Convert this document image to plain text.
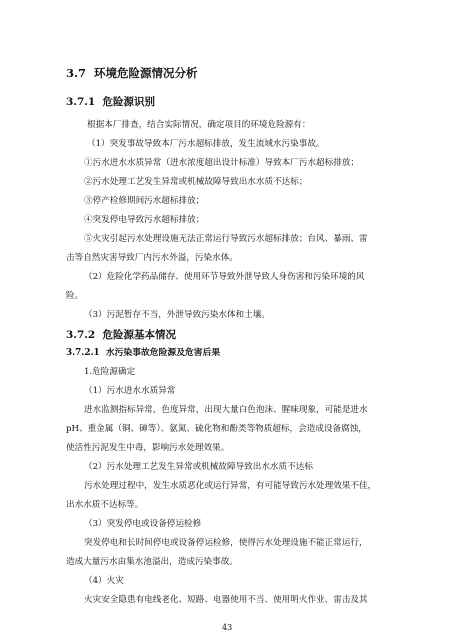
3.7 环境危险源情况分析
3.7.1 危险源识别
根据本厂排查，结合实际情况，确定项目的环境危险源有：
（1）突发事故导致本厂污水超标排放，发生流域水污染事故。
①污水进水水质异常（进水浓度超出设计标准）导致本厂污水超标排放；
②污水处理工艺发生异常或机械故障导致出水水质不达标；
③停产检修期间污水超标排放；
④突发停电导致污水超标排放；
⑤火灾引起污水处理设施无法正常运行导致污水超标排放；台风、暴雨、雷
击等自然灾害导致厂内污水外溢，污染水体。
（2）危险化学药品储存、使用环节导致外泄导致人身伤害和污染环境的风
险。
（3）污泥暂存不当，外泄导致污染水体和土壤。
3.7.2 危险源基本情况
3.7.2.1 水污染事故危险源及危害后果
1.危险源确定
（1）污水进水水质异常
进水监测指标异常，色度异常，出现大量白色泡沫、腥味现象，可能是进水
pH、重金属（铜、砷等）、氨氮、硫化物和酚类等物质超标，会造成设备腐蚀，
使活性污泥发生中毒，影响污水处理效果。
（2）污水处理工艺发生异常或机械故障导致出水水质不达标
污水处理过程中，发生水质恶化或运行异常，有可能导致污水处理效果不佳，
出水水质不达标等。
（3）突发停电或设备停运检修
突发停电和长时间停电或设备停运检修，使得污水处理设施不能正常运行，
造成大量污水由集水池溢出，造成污染事故。
（4）火灾
火灾安全隐患有电线老化、短路、电器使用不当、使用明火作业、雷击及其
43
